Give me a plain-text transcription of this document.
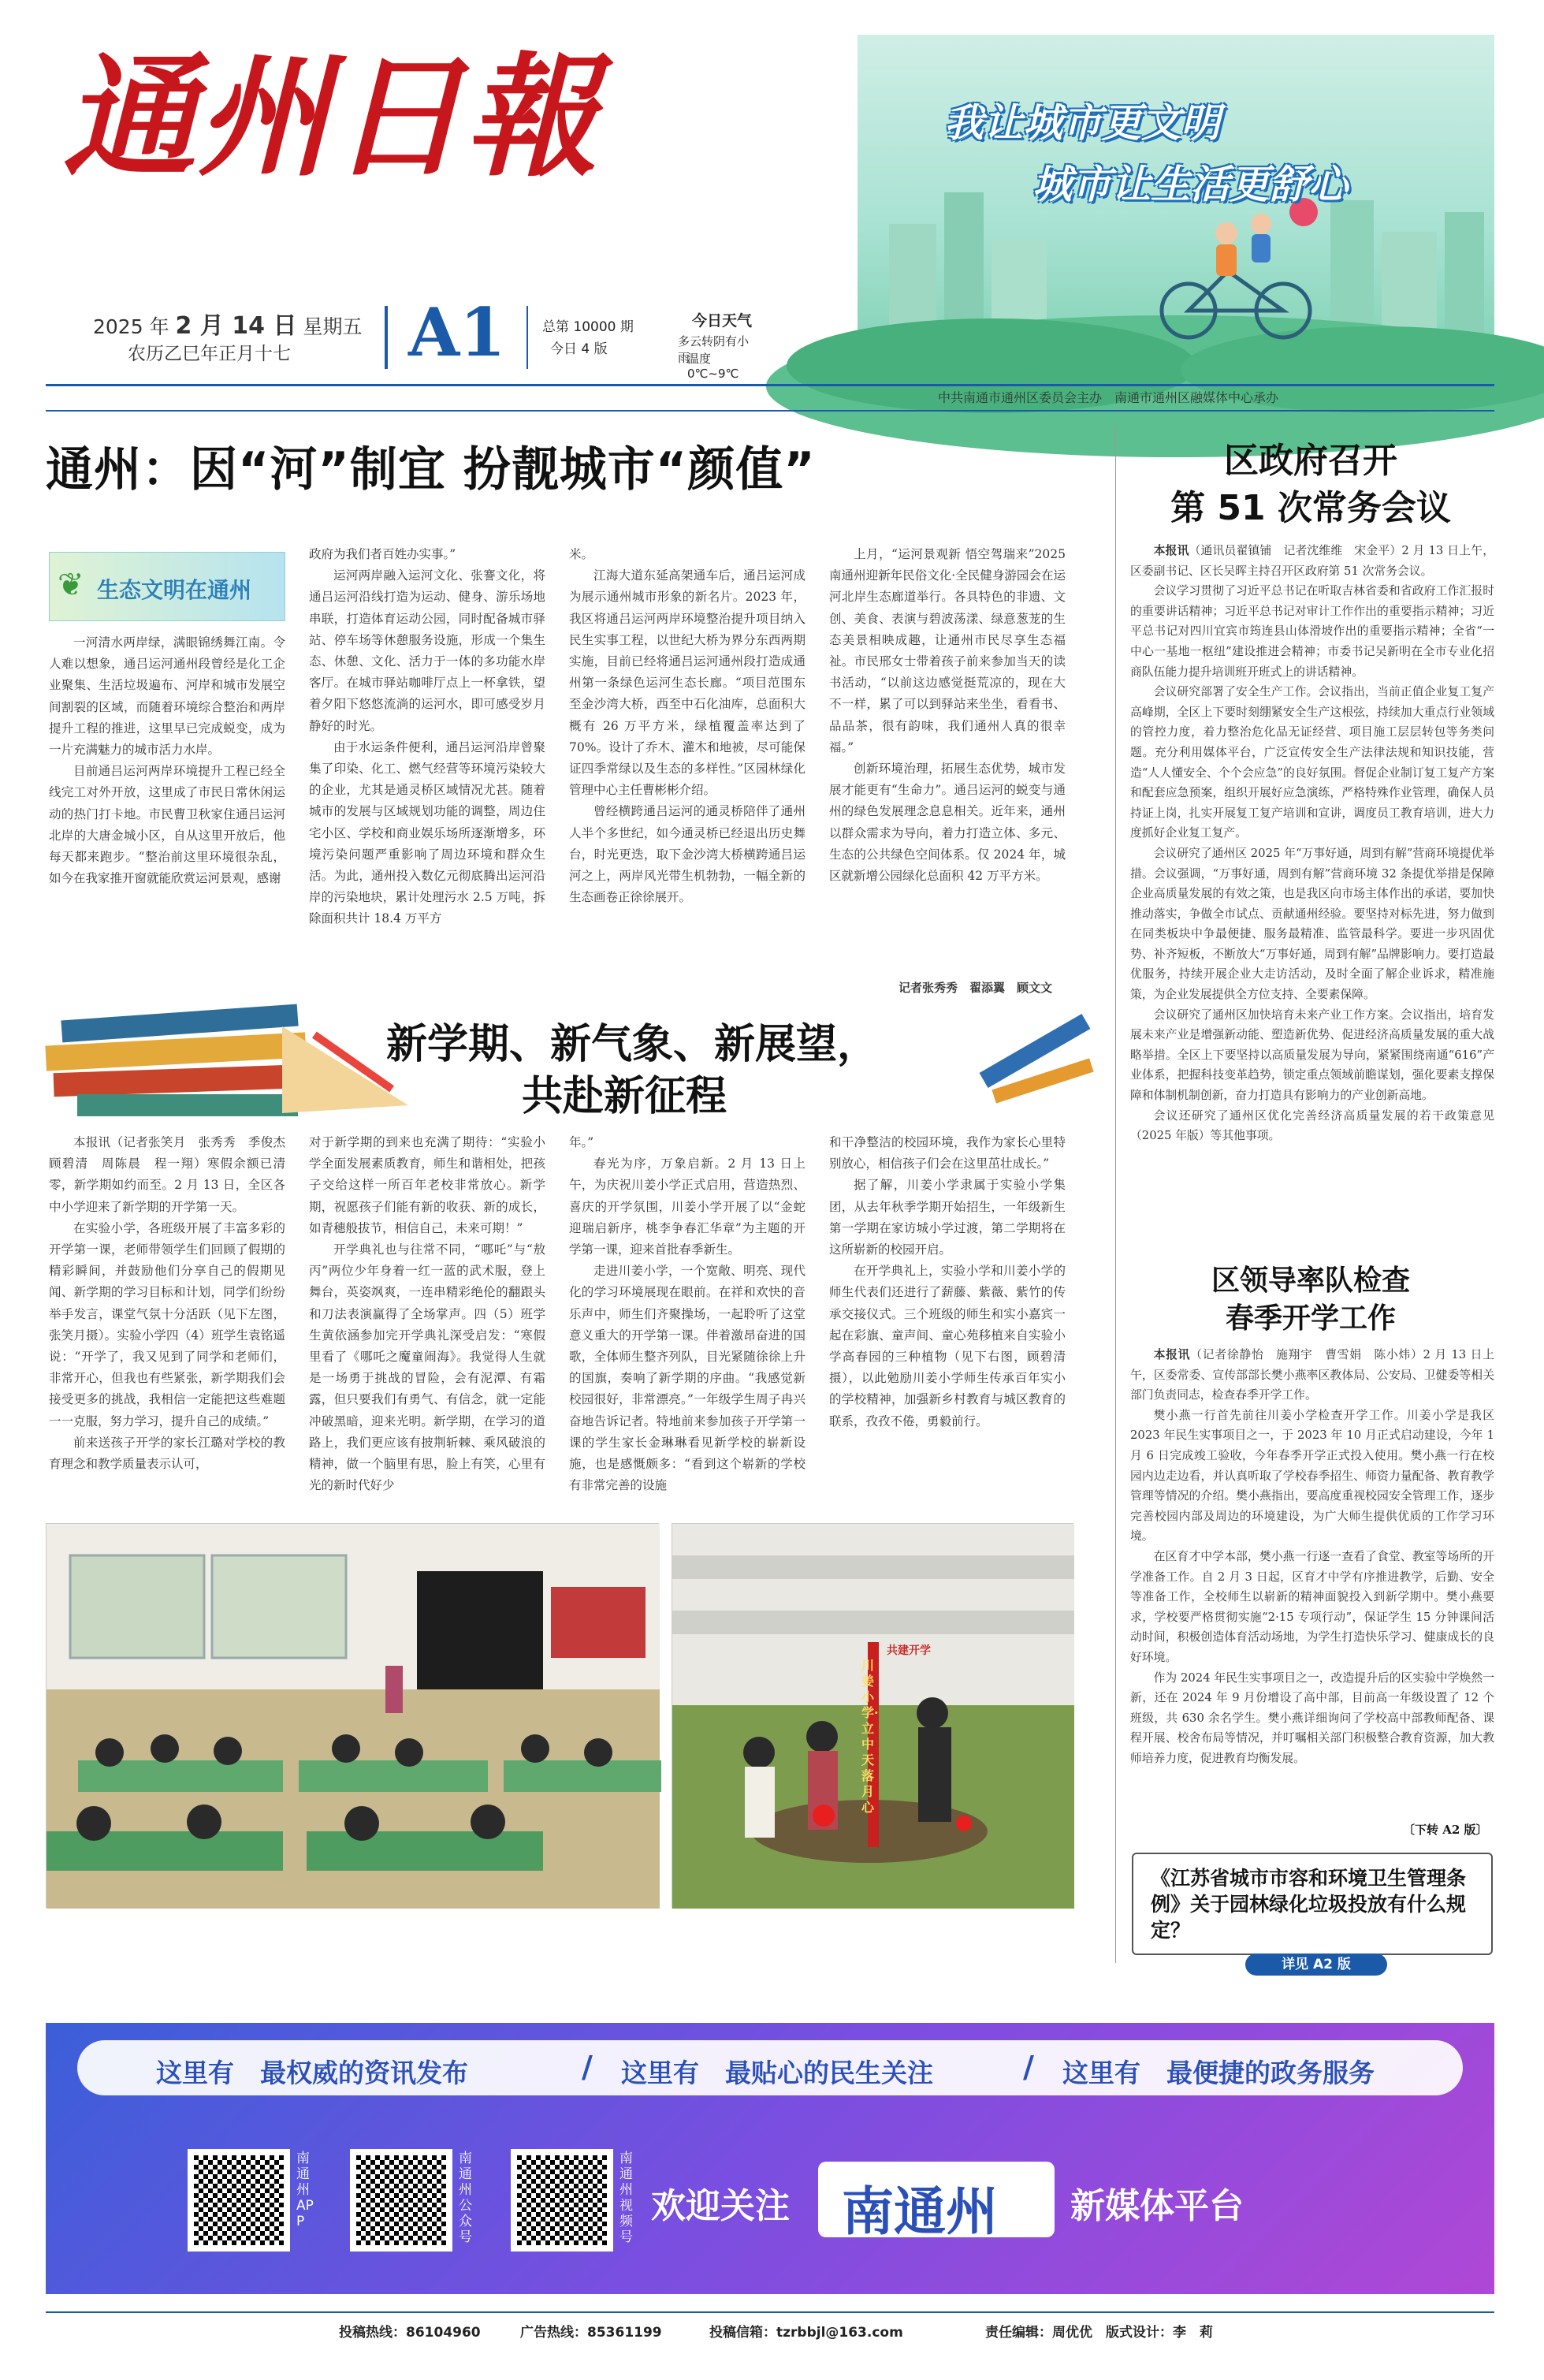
通州日報
2025 年 2 月 14 日 星期五
农历乙巳年正月十七 A1	总第 10000 期
今日 4 版
今日天气
多云转阴有小雨
温度 0℃~9℃
我让城市更文明
城市让生活更舒心
中共南通市通州区委员会主办　南通市通州区融媒体中心承办
通州：因“河”制宜 扮靓城市“颜值”
❦ 生态文明在通州

一河清水两岸绿，满眼锦绣舞江南。令人难以想象，通吕运河通州段曾经是化工企业聚集、生活垃圾遍布、河岸和城市发展空间割裂的区域，而随着环境综合整治和两岸提升工程的推进，这里早已完成蜕变，成为一片充满魅力的城市活力水岸。

目前通吕运河两岸环境提升工程已经全线完工对外开放，这里成了市民日常休闲运动的热门打卡地。市民曹卫秋家住通吕运河北岸的大唐金城小区，自从这里开放后，他每天都来跑步。“整治前这里环境很杂乱，如今在我家推开窗就能欣赏运河景观，感谢

政府为我们者百姓办实事。”

运河两岸融入运河文化、张謇文化，将通吕运河沿线打造为运动、健身、游乐场地串联，打造体育运动公园，同时配备城市驿站、停车场等休憩服务设施，形成一个集生态、休憩、文化、活力于一体的多功能水岸客厅。在城市驿站咖啡厅点上一杯拿铁，望着夕阳下悠悠流淌的运河水，即可感受岁月静好的时光。

由于水运条件便利，通吕运河沿岸曾聚集了印染、化工、燃气经营等环境污染较大的企业，尤其是通灵桥区域情况尤甚。随着城市的发展与区域规划功能的调整，周边住宅小区、学校和商业娱乐场所逐渐增多，环境污染问题严重影响了周边环境和群众生活。为此，通州投入数亿元彻底腾出运河沿岸的污染地块，累计处理污水 2.5 万吨，拆除面积共计 18.4 万平方

米。

江海大道东延高架通车后，通吕运河成为展示通州城市形象的新名片。2023 年，我区将通吕运河两岸环境整治提升项目纳入民生实事工程，以世纪大桥为界分东西两期实施，目前已经将通吕运河通州段打造成通州第一条绿色运河生态长廊。“项目范围东至金沙湾大桥，西至中石化油库，总面积大概有 26 万平方米，绿植覆盖率达到了 70%。设计了乔木、灌木和地被，尽可能保证四季常绿以及生态的多样性。”区园林绿化管理中心主任曹彬彬介绍。

曾经横跨通吕运河的通灵桥陪伴了通州人半个多世纪，如今通灵桥已经退出历史舞台，时光更迭，取下金沙湾大桥横跨通吕运河之上，两岸风光带生机勃勃，一幅全新的生态画卷正徐徐展开。

上月，“运河景观新 悟空驾瑞来”2025 南通州迎新年民俗文化·全民健身游园会在运河北岸生态廊道举行。各具特色的非遗、文创、美食、表演与碧波荡漾、绿意葱茏的生态美景相映成趣，让通州市民尽享生态福祉。市民邢女士带着孩子前来参加当天的读书活动，“以前这边感觉挺荒凉的，现在大不一样，累了可以到驿站来坐坐，看看书、品品茶，很有韵味，我们通州人真的很幸福。”

创新环境治理，拓展生态优势，城市发展才能更有“生命力”。通吕运河的蜕变与通州的绿色发展理念息息相关。近年来，通州以群众需求为导向，着力打造立体、多元、生态的公共绿色空间体系。仅 2024 年，城区就新增公园绿化总面积 42 万平方米。

记者张秀秀　翟添翼　顾文文
区政府召开
第 51 次常务会议

本报讯（通讯员翟镇铺　记者沈维维　宋金平）2 月 13 日上午，区委副书记、区长吴晖主持召开区政府第 51 次常务会议。

会议学习贯彻了习近平总书记在听取吉林省委和省政府工作汇报时的重要讲话精神；习近平总书记对审计工作作出的重要指示精神；习近平总书记对四川宜宾市筠连县山体滑坡作出的重要指示精神；全省“一中心一基地一枢纽”建设推进会精神；市委书记吴新明在全市专业化招商队伍能力提升培训班开班式上的讲话精神。

会议研究部署了安全生产工作。会议指出，当前正值企业复工复产高峰期，全区上下要时刻绷紧安全生产这根弦，持续加大重点行业领域的管控力度，着力整治危化品无证经营、项目施工层层转包等务类问题。充分利用媒体平台，广泛宣传安全生产法律法规和知识技能，营造“人人懂安全、个个会应急”的良好氛围。督促企业制订复工复产方案和配套应急预案，组织开展好应急演练，严格特殊作业管理，确保人员持证上岗，扎实开展复工复产培训和宣讲，调度员工教育培训，进大力度抓好企业复工复产。

会议研究了通州区 2025 年“万事好通，周到有解”营商环境提优举措。会议强调，“万事好通，周到有解”营商环境 32 条提优举措是保障企业高质量发展的有效之策，也是我区向市场主体作出的承诺，要加快推动落实，争做全市试点、贡献通州经验。要坚持对标先进，努力做到在同类板块中争最便捷、服务最精准、监管最科学。要进一步巩固优势、补齐短板，不断放大“万事好通，周到有解”品牌影响力。要打造最优服务，持续开展企业大走访活动，及时全面了解企业诉求，精准施策，为企业发展提供全方位支持、全要素保障。

会议研究了通州区加快培育未来产业工作方案。会议指出，培育发展未来产业是增强新动能、塑造新优势、促进经济高质量发展的重大战略举措。全区上下要坚持以高质量发展为导向，紧紧围绕南通“616”产业体系，把握科技变革趋势，锁定重点领域前瞻谋划，强化要素支撑保障和体制机制创新，奋力打造具有影响力的产业创新高地。

会议还研究了通州区优化完善经济高质量发展的若干政策意见（2025 年版）等其他事项。

区领导率队检查
春季开学工作

本报讯（记者徐静怡　施翔宇　曹雪娟　陈小炜）2 月 13 日上午，区委常委、宣传部部长樊小燕率区教体局、公安局、卫健委等相关部门负责同志，检查春季开学工作。

樊小燕一行首先前往川姜小学检查开学工作。川姜小学是我区 2023 年民生实事项目之一，于 2023 年 10 月正式启动建设，今年 1 月 6 日完成竣工验收，今年春季开学正式投入使用。樊小燕一行在校园内边走边看，并认真听取了学校春季招生、师资力量配备、教育教学管理等情况的介绍。樊小燕指出，要高度重视校园安全管理工作，逐步完善校园内部及周边的环境建设，为广大师生提供优质的工作学习环境。

在区育才中学本部，樊小燕一行逐一查看了食堂、教室等场所的开学准备工作。自 2 月 3 日起，区育才中学有序推进教学，后勤、安全等准备工作，全校师生以崭新的精神面貌投入到新学期中。樊小燕要求，学校要严格贯彻实施“2·15 专项行动”，保证学生 15 分钟课间活动时间，积极创造体育活动场地，为学生打造快乐学习、健康成长的良好环境。

作为 2024 年民生实事项目之一，改造提升后的区实验中学焕然一新，还在 2024 年 9 月份增设了高中部，目前高一年级设置了 12 个班级，共 630 余名学生。樊小燕详细询问了学校高中部教师配备、课程开展、校舍布局等情况，并叮嘱相关部门积极整合教育资源，加大教师培养力度，促进教育均衡发展。

〔下转 A2 版〕
《江苏省城市市容和环境卫生管理条例》关于园林绿化垃圾投放有什么规定？
详见 A2 版
新学期、新气象、新展望，
共赴新征程

本报讯（记者张笑月　张秀秀　季俊杰　顾碧清　周陈晨　程一翔）寒假余额已清零，新学期如约而至。2 月 13 日，全区各中小学迎来了新学期的开学第一天。

在实验小学，各班级开展了丰富多彩的开学第一课，老师带领学生们回顾了假期的精彩瞬间，并鼓励他们分享自己的假期见闻、新学期的学习目标和计划，同学们纷纷举手发言，课堂气氛十分活跃（见下左图，张笑月摄）。实验小学四（4）班学生袁铭遥说：“开学了，我又见到了同学和老师们，非常开心，但我也有些紧张，新学期我们会接受更多的挑战，我相信一定能把这些难题一一克服，努力学习，提升自己的成绩。”

前来送孩子开学的家长江璐对学校的教育理念和教学质量表示认可，

对于新学期的到来也充满了期待：“实验小学全面发展素质教育，师生和谐相处，把孩子交给这样一所百年老校非常放心。新学期，祝愿孩子们能有新的收获、新的成长，如青穗般拔节，相信自己，未来可期！”

开学典礼也与往常不同，“哪吒”与“敖丙”两位少年身着一红一蓝的武术服，登上舞台，英姿飒爽，一连串精彩绝伦的翻跟头和刀法表演赢得了全场掌声。四（5）班学生黄依涵参加完开学典礼深受启发：“寒假里看了《哪吒之魔童闹海》。我觉得人生就是一场勇于挑战的冒险，会有泥潭、有霜露，但只要我们有勇气、有信念，就一定能冲破黑暗，迎来光明。新学期，在学习的道路上，我们更应该有披荆斩棘、乘风破浪的精神，做一个脑里有思，脸上有笑，心里有光的新时代好少

年。”

春光为序，万象启新。2 月 13 日上午，为庆祝川姜小学正式启用，营造热烈、喜庆的开学氛围，川姜小学开展了以“金蛇迎瑞启新序，桃李争春汇华章”为主题的开学第一课，迎来首批春季新生。

走进川姜小学，一个宽敞、明亮、现代化的学习环境展现在眼前。在祥和欢快的音乐声中，师生们齐聚操场，一起聆听了这堂意义重大的开学第一课。伴着激昂奋进的国歌，全体师生整齐列队，目光紧随徐徐上升的国旗，奏响了新学期的序曲。“我感觉新校园很好，非常漂亮。”一年级学生周子冉兴奋地告诉记者。特地前来参加孩子开学第一课的学生家长金琳琳看见新学校的崭新设施，也是感慨颇多：“看到这个崭新的学校有非常完善的设施

和干净整洁的校园环境，我作为家长心里特别放心，相信孩子们会在这里茁壮成长。”

据了解，川姜小学隶属于实验小学集团，从去年秋季学期开始招生，一年级新生第一学期在家访城小学过渡，第二学期将在这所崭新的校园开启。

在开学典礼上，实验小学和川姜小学的师生代表们还进行了薪藤、紫薇、紫竹的传承交接仪式。三个班级的师生和实小嘉宾一起在彩旗、童声间、童心苑移植来自实验小学高春园的三种植物（见下右图，顾碧清摄），以此勉励川姜小学师生传承百年实小的学校精神，加强新乡村教育与城区教育的联系，孜孜不倦，勇毅前行。

川姜小学·立中天落月心
共建开学
这里有　最权威的资讯发布	/ 这里有　最贴心的民生关注	/ 这里有　最便捷的政务服务
南通州 APP
南通州公众号
南通州视频号
欢迎关注 南通州 新媒体平台
投稿热线：86104960	广告热线：85361199	投稿信箱：tzrbbjl@163.com	责任编辑：周优优　版式设计：李　莉
